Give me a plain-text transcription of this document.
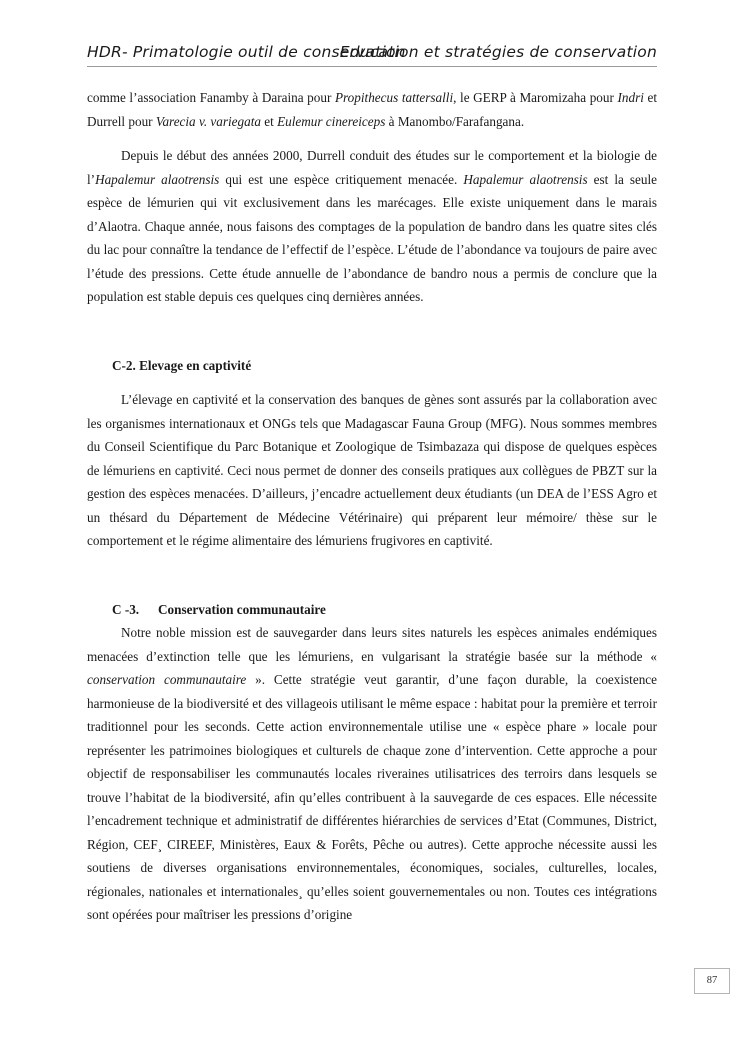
HDR- Primatologie outil de conservation
Education et stratégies de conservation

comme l’association Fanamby à Daraina pour Propithecus tattersalli, le GERP à Maromizaha pour Indri et Durrell pour Varecia v. variegata et Eulemur cinereiceps à Manombo/Farafangana.

Depuis le début des années 2000, Durrell conduit des études sur le comportement et la biologie de l’Hapalemur alaotrensis qui est une espèce critiquement menacée. Hapalemur alaotrensis est la seule espèce de lémurien qui vit exclusivement dans les marécages. Elle existe uniquement dans le marais d’Alaotra. Chaque année, nous faisons des comptages de la population de bandro dans les quatre sites clés du lac pour connaître la tendance de l’effectif de l’espèce. L’étude de l’abondance va toujours de paire avec l’étude des pressions. Cette étude annuelle de l’abondance de bandro nous a permis de conclure que la population est stable depuis ces quelques cinq dernières années.

C-2. Elevage en captivité

L’élevage en captivité et la conservation des banques de gènes sont assurés par la collaboration avec les organismes internationaux et ONGs tels que Madagascar Fauna Group (MFG). Nous sommes membres du Conseil Scientifique du Parc Botanique et Zoologique de Tsimbazaza qui dispose de quelques espèces de lémuriens en captivité. Ceci nous permet de donner des conseils pratiques aux collègues de PBZT sur la gestion des espèces menacées. D’ailleurs, j’encadre actuellement deux étudiants (un DEA de l’ESS Agro et un thésard du Département de Médecine Vétérinaire) qui préparent leur mémoire/ thèse sur le comportement et le régime alimentaire des lémuriens frugivores en captivité.

C -3. Conservation communautaire

Notre noble mission est de sauvegarder dans leurs sites naturels les espèces animales endémiques menacées d’extinction telle que les lémuriens, en vulgarisant la stratégie basée sur la méthode « conservation communautaire ». Cette stratégie veut garantir, d’une façon durable, la coexistence harmonieuse de la biodiversité et des villageois utilisant le même espace : habitat pour la première et terroir traditionnel pour les seconds. Cette action environnementale utilise une « espèce phare » locale pour représenter les patrimoines biologiques et culturels de chaque zone d’intervention. Cette approche a pour objectif de responsabiliser les communautés locales riveraines utilisatrices des terroirs dans lesquels se trouve l’habitat de la biodiversité, afin qu’elles contribuent à la sauvegarde de ces espaces. Elle nécessite l’encadrement technique et administratif de différentes hiérarchies de services d’Etat (Communes, District, Région, CEF¸ CIREEF, Ministères, Eaux & Forêts, Pêche ou autres). Cette approche nécessite aussi les soutiens de diverses organisations environnementales, économiques, sociales, culturelles, locales, régionales, nationales et internationales¸ qu’elles soient gouvernementales ou non. Toutes ces intégrations sont opérées pour maîtriser les pressions d’origine

87
